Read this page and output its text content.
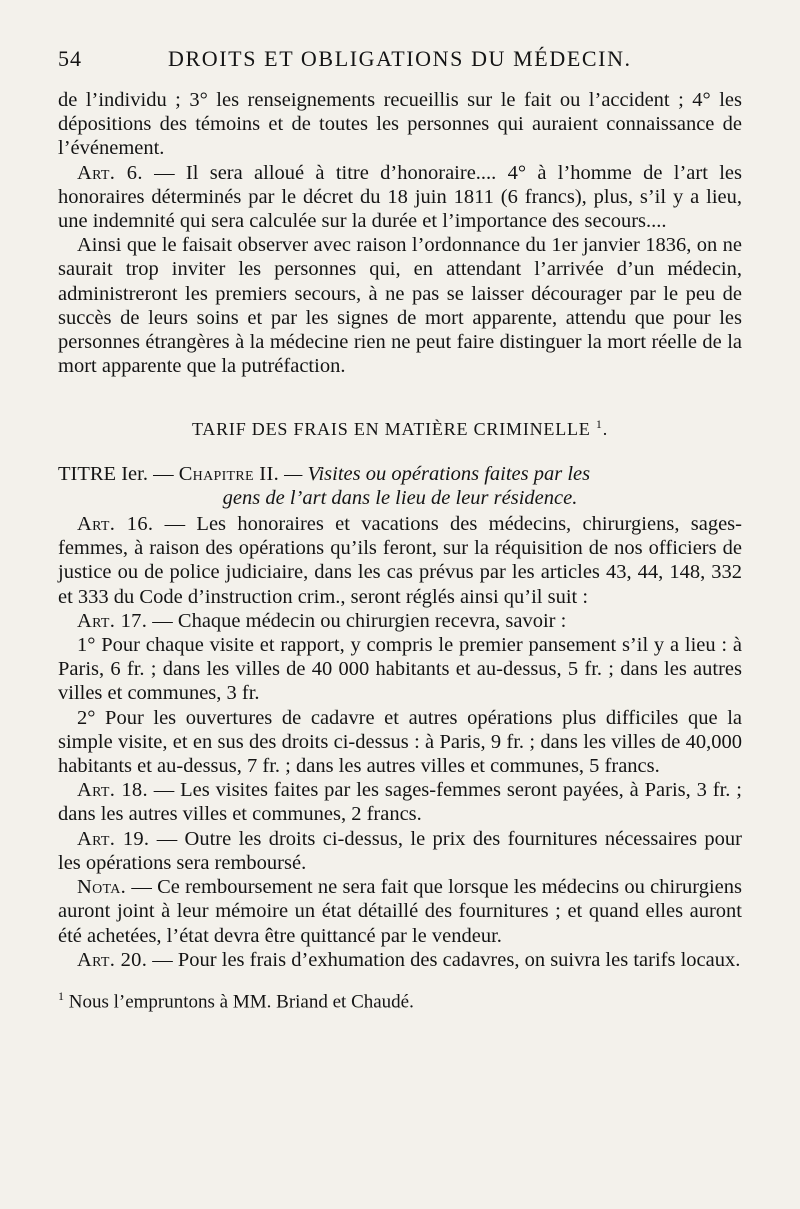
54	DROITS ET OBLIGATIONS DU MÉDECIN.

de l’individu ; 3° les renseignements recueillis sur le fait ou l’accident ; 4° les dépositions des témoins et de toutes les personnes qui auraient connaissance de l’événement.

Art. 6. — Il sera alloué à titre d’honoraire.... 4° à l’homme de l’art les honoraires déterminés par le décret du 18 juin 1811 (6 francs), plus, s’il y a lieu, une indemnité qui sera calculée sur la durée et l’importance des secours....

Ainsi que le faisait observer avec raison l’ordonnance du 1er janvier 1836, on ne saurait trop inviter les personnes qui, en attendant l’arrivée d’un médecin, administreront les premiers secours, à ne pas se laisser décourager par le peu de succès de leurs soins et par les signes de mort apparente, attendu que pour les personnes étrangères à la médecine rien ne peut faire distinguer la mort réelle de la mort apparente que la putréfaction.

TARIF DES FRAIS EN MATIÈRE CRIMINELLE $^1$.

TITRE Ier. — Chapitre II. — Visites ou opérations faites par les

gens de l’art dans le lieu de leur résidence.

Art. 16. — Les honoraires et vacations des médecins, chirurgiens, sages-femmes, à raison des opérations qu’ils feront, sur la réquisition de nos officiers de justice ou de police judiciaire, dans les cas prévus par les articles 43, 44, 148, 332 et 333 du Code d’instruction crim., seront réglés ainsi qu’il suit :

Art. 17. — Chaque médecin ou chirurgien recevra, savoir :

1° Pour chaque visite et rapport, y compris le premier pansement s’il y a lieu : à Paris, 6 fr. ; dans les villes de 40 000 habitants et au-dessus, 5 fr. ; dans les autres villes et communes, 3 fr.

2° Pour les ouvertures de cadavre et autres opérations plus difficiles que la simple visite, et en sus des droits ci-dessus : à Paris, 9 fr. ; dans les villes de 40,000 habitants et au-dessus, 7 fr. ; dans les autres villes et communes, 5 francs.

Art. 18. — Les visites faites par les sages-femmes seront payées, à Paris, 3 fr. ; dans les autres villes et communes, 2 francs.

Art. 19. — Outre les droits ci-dessus, le prix des fournitures nécessaires pour les opérations sera remboursé.

Nota. — Ce remboursement ne sera fait que lorsque les médecins ou chirurgiens auront joint à leur mémoire un état détaillé des fournitures ; et quand elles auront été achetées, l’état devra être quittancé par le vendeur.

Art. 20. — Pour les frais d’exhumation des cadavres, on suivra les tarifs locaux.

$^1$ Nous l’empruntons à MM. Briand et Chaudé.
